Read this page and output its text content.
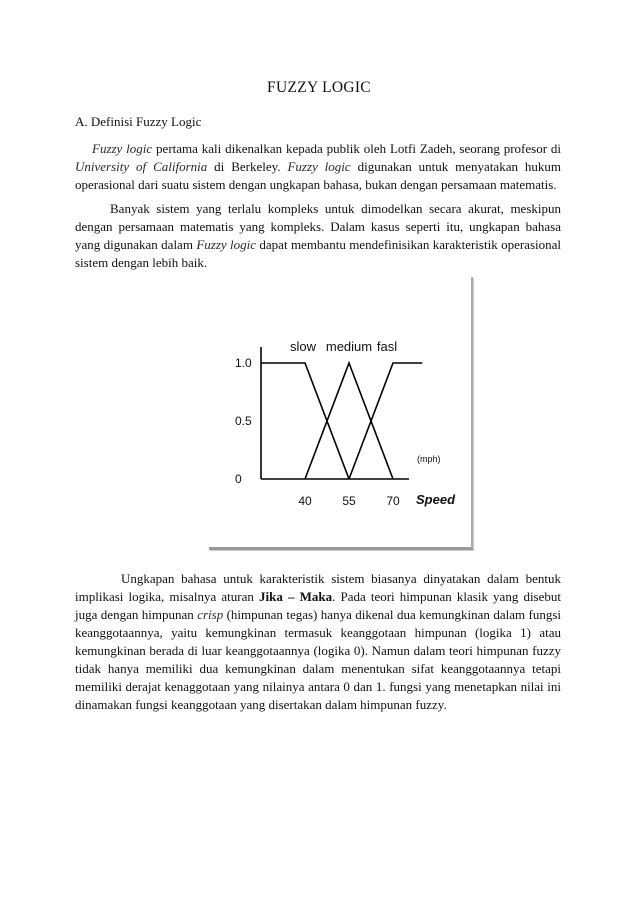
FUZZY LOGIC
A. Definisi Fuzzy Logic

Fuzzy logic pertama kali dikenalkan kepada publik oleh Lotfi Zadeh, seorang profesor di University of California di Berkeley. Fuzzy logic digunakan untuk menyatakan hukum operasional dari suatu sistem dengan ungkapan bahasa, bukan dengan persamaan matematis.

Banyak sistem yang terlalu kompleks untuk dimodelkan secara akurat, meskipun dengan persamaan matematis yang kompleks. Dalam kasus seperti itu, ungkapan bahasa yang digunakan dalam Fuzzy logic dapat membantu mendefinisikan karakteristik operasional sistem dengan lebih baik.

1.0
0.5
0
40	55	70
slow medium fasl
(mph)
Speed

Ungkapan bahasa untuk karakteristik sistem biasanya dinyatakan dalam bentuk implikasi logika, misalnya aturan Jika – Maka. Pada teori himpunan klasik yang disebut juga dengan himpunan crisp (himpunan tegas) hanya dikenal dua kemungkinan dalam fungsi keanggotaannya, yaitu kemungkinan termasuk keanggotaan himpunan (logika 1) atau kemungkinan berada di luar keanggotaannya (logika 0). Namun dalam teori himpunan fuzzy tidak hanya memiliki dua kemungkinan dalam menentukan sifat keanggotaannya tetapi memiliki derajat kenaggotaan yang nilainya antara 0 dan 1. fungsi yang menetapkan nilai ini dinamakan fungsi keanggotaan yang disertakan dalam himpunan fuzzy.
